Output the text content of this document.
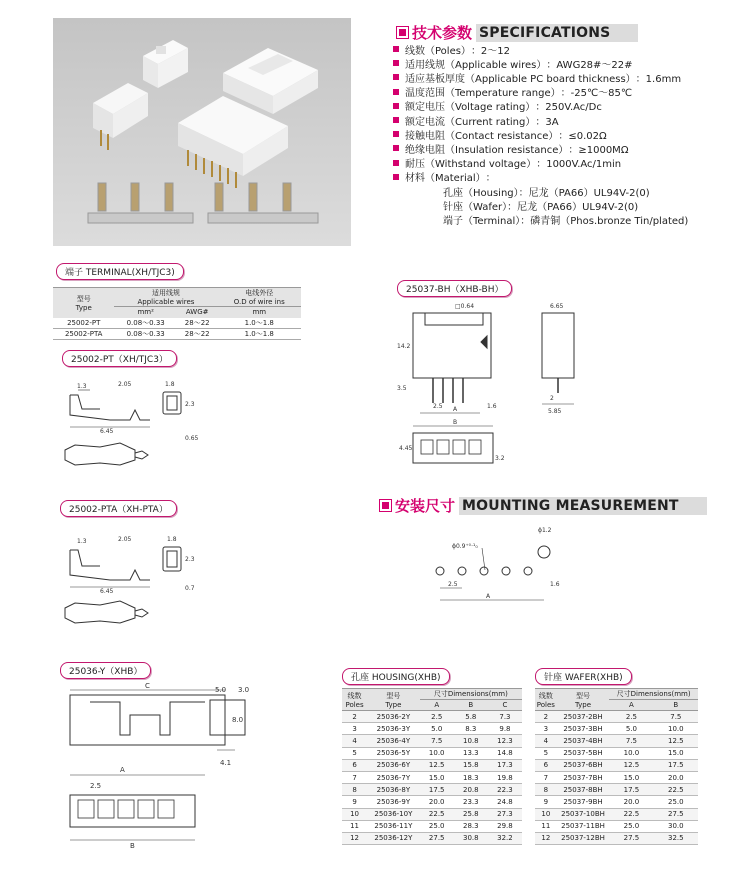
技术参数 SPECIFICATIONS
线数（Poles） ：2～12
适用线规（Applicable wires） ：AWG28#～22#
适应基板厚度（Applicable PC board thickness） ：1.6mm
温度范围（Temperature range） ：-25℃～85℃
额定电压（Voltage rating） ：250V.Ac/Dc
额定电流（Current rating） ：3A
接触电阻（Contact resistance） ：≤0.02Ω
绝缘电阻（Insulation resistance） ：≥1000MΩ
耐压（Withstand voltage） ：1000V.Ac/1min
材料（Material） ：
孔座（Housing）：尼龙（PA66）UL94V-2(0)
针座（Wafer）：尼龙（PA66）UL94V-2(0)
端子（Terminal）：磷青铜（Phos.bronze Tin/plated)
端子 TERMINAL(XH/TJC3)
型号
Type	适用线规
Applicable wires		电线外径
O.D of wire ins
	mm²	AWG#	mm
25002-PT	0.08～0.33	28～22	1.0～1.8
25002-PTA	0.08～0.33	28～22	1.0～1.8
25002-PT（XH/TJC3）
1.3	2.05
6.45
1.8
2.3
0.65
25002-PTA（XH-PTA）
1.3	2.05
6.45
1.8
2.3
0.7
25036-Y（XHB）
C
8.0
5.0 3.0
4.1
A
2.5
B
25037-BH（XHB-BH）
□0.64
14.2
3.5
2.5	1.6
A
B
4.45
3.2
6.65
2
5.85
安装尺寸 MOUNTING MEASUREMENT
ϕ0.9⁺⁰·¹₀
ϕ1.2
2.5	1.6
A
孔座 HOUSING(XHB)
线数
Poles	型号
Type	尺寸Dimensions(mm)		
		A	B	C
2	25036-2Y	2.5	5.8	7.3
3	25036-3Y	5.0	8.3	9.8
4	25036-4Y	7.5	10.8	12.3
5	25036-5Y	10.0	13.3	14.8
6	25036-6Y	12.5	15.8	17.3
7	25036-7Y	15.0	18.3	19.8
8	25036-8Y	17.5	20.8	22.3
9	25036-9Y	20.0	23.3	24.8
10	25036-10Y	22.5	25.8	27.3
11	25036-11Y	25.0	28.3	29.8
12	25036-12Y	27.5	30.8	32.2
针座 WAFER(XHB)
线数
Poles	型号
Type	尺寸Dimensions(mm)	
		A	B
2	25037-2BH	2.5	7.5
3	25037-3BH	5.0	10.0
4	25037-4BH	7.5	12.5
5	25037-5BH	10.0	15.0
6	25037-6BH	12.5	17.5
7	25037-7BH	15.0	20.0
8	25037-8BH	17.5	22.5
9	25037-9BH	20.0	25.0
10	25037-10BH	22.5	27.5
11	25037-11BH	25.0	30.0
12	25037-12BH	27.5	32.5
